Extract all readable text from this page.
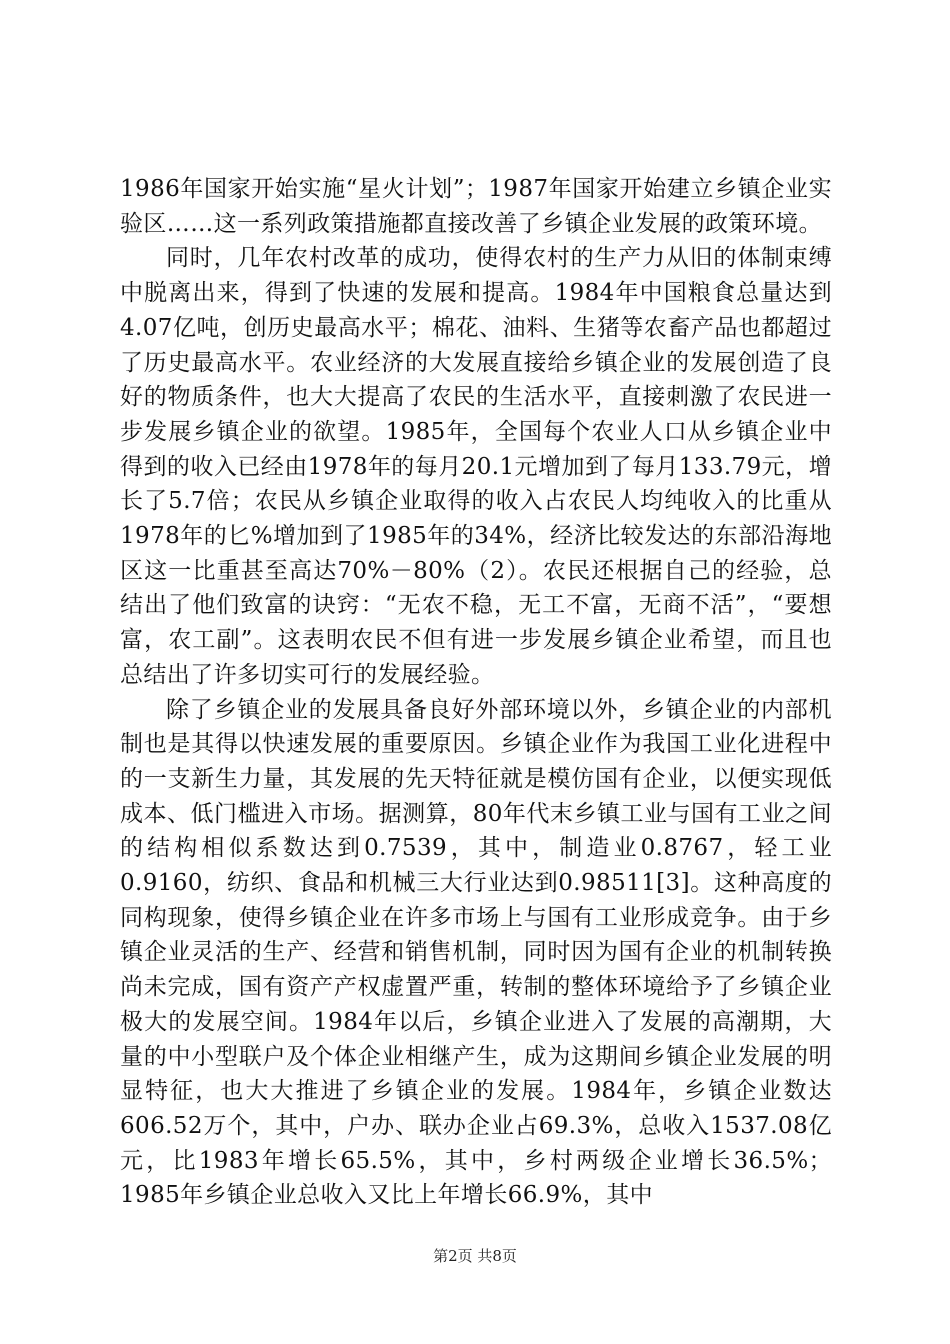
1986年国家开始实施“星火计划”；1987年国家开始建立乡镇企业实验区……这一系列政策措施都直接改善了乡镇企业发展的政策环境。

同时，几年农村改革的成功，使得农村的生产力从旧的体制束缚中脱离出来，得到了快速的发展和提高。1984年中国粮食总量达到4.07亿吨，创历史最高水平；棉花、油料、生猪等农畜产品也都超过了历史最高水平。农业经济的大发展直接给乡镇企业的发展创造了良好的物质条件，也大大提高了农民的生活水平，直接刺激了农民进一步发展乡镇企业的欲望。1985年，全国每个农业人口从乡镇企业中得到的收入已经由1978年的每月20.1元增加到了每月133.79元，增长了5.7倍；农民从乡镇企业取得的收入占农民人均纯收入的比重从1978年的匕%增加到了1985年的34%，经济比较发达的东部沿海地区这一比重甚至高达70%－80%（2）。农民还根据自己的经验，总结出了他们致富的诀窍：“无农不稳，无工不富，无商不活”，“要想富，农工副”。这表明农民不但有进一步发展乡镇企业希望，而且也总结出了许多切实可行的发展经验。

除了乡镇企业的发展具备良好外部环境以外，乡镇企业的内部机制也是其得以快速发展的重要原因。乡镇企业作为我国工业化进程中的一支新生力量，其发展的先天特征就是模仿国有企业，以便实现低成本、低门槛进入市场。据测算，80年代末乡镇工业与国有工业之间的结构相似系数达到0.7539，其中，制造业0.8767，轻工业0.9160，纺织、食品和机械三大行业达到0.98511[3]。这种高度的同构现象，使得乡镇企业在许多市场上与国有工业形成竞争。由于乡镇企业灵活的生产、经营和销售机制，同时因为国有企业的机制转换尚未完成，国有资产产权虚置严重，转制的整体环境给予了乡镇企业极大的发展空间。1984年以后，乡镇企业进入了发展的高潮期，大量的中小型联户及个体企业相继产生，成为这期间乡镇企业发展的明显特征，也大大推进了乡镇企业的发展。1984年，乡镇企业数达606.52万个，其中，户办、联办企业占69.3%，总收入1537.08亿元，比1983年增长65.5%，其中，乡村两级企业增长36.5%；1985年乡镇企业总收入又比上年增长66.9%，其中

第2页 共8页
